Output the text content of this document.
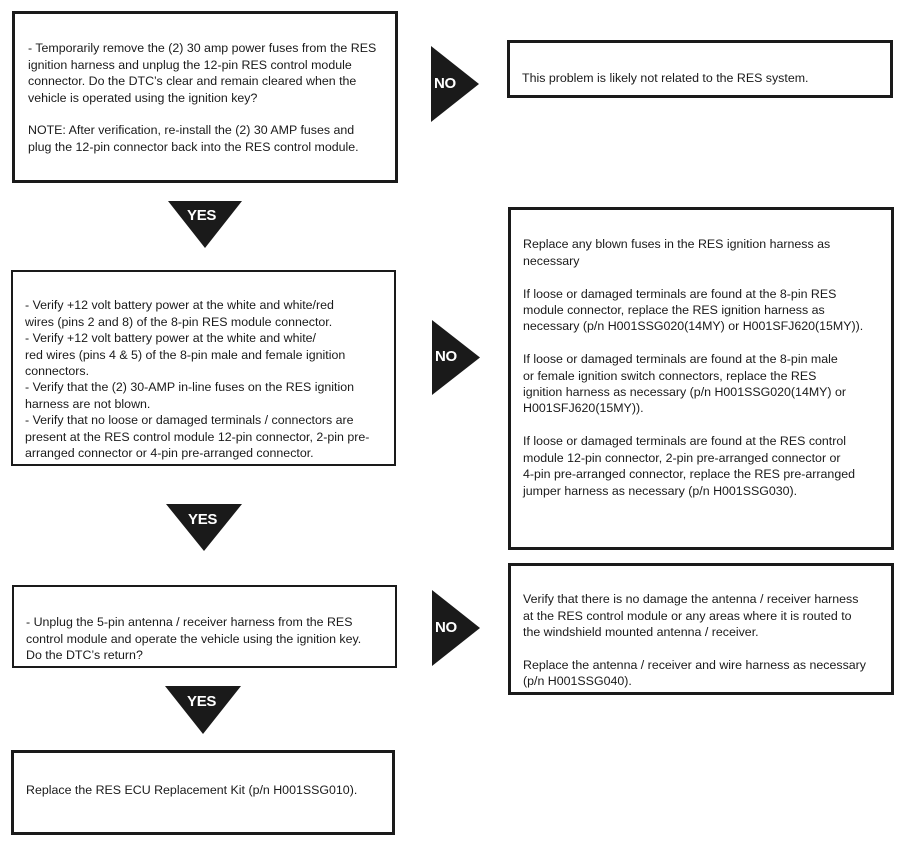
- Temporarily remove the (2) 30 amp power fuses from the RES
ignition harness and unplug the 12-pin RES control module
connector. Do the DTC’s clear and remain cleared when the
vehicle is operated using the ignition key?

NOTE: After verification, re-install the (2) 30 AMP fuses and
plug the 12-pin connector back into the RES control module.

- Verify +12 volt battery power at the white and white/red
wires (pins 2 and 8) of the 8-pin RES module connector.
- Verify +12 volt battery power at the white and white/
red wires (pins 4 & 5) of the 8-pin male and female ignition
connectors.
- Verify that the (2) 30-AMP in-line fuses on the RES ignition
harness are not blown.
- Verify that no loose or damaged terminals / connectors are
present at the RES control module 12-pin connector, 2-pin pre-
arranged connector or 4-pin pre-arranged connector.

- Unplug the 5-pin antenna / receiver harness from the RES
control module and operate the vehicle using the ignition key.
Do the DTC’s return?

Replace the RES ECU Replacement Kit (p/n H001SSG010).

This problem is likely not related to the RES system.

Replace any blown fuses in the RES ignition harness as
necessary

If loose or damaged terminals are found at the 8-pin RES
module connector, replace the RES ignition harness as
necessary (p/n H001SSG020(14MY) or H001SFJ620(15MY)).

If loose or damaged terminals are found at the 8-pin male
or female ignition switch connectors, replace the RES
ignition harness as necessary (p/n H001SSG020(14MY) or
H001SFJ620(15MY)).

If loose or damaged terminals are found at the RES control
module 12-pin connector, 2-pin pre-arranged connector or
4-pin pre-arranged connector, replace the RES pre-arranged
jumper harness as necessary (p/n H001SSG030).

Verify that there is no damage the antenna / receiver harness
at the RES control module or any areas where it is routed to
the windshield mounted antenna / receiver.

Replace the antenna / receiver and wire harness as necessary
(p/n H001SSG040).

YES
YES
YES
NO
NO
NO
